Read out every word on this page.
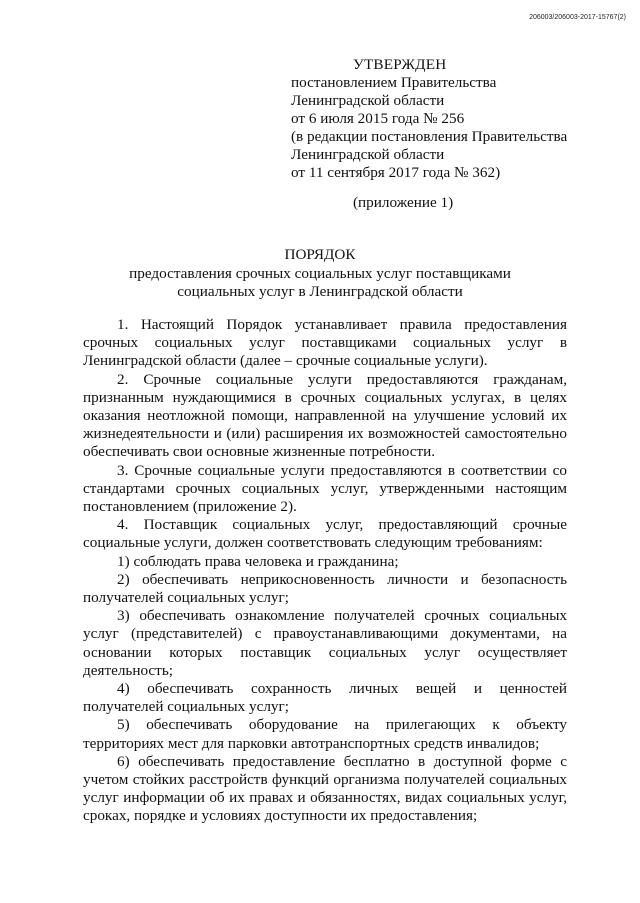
206003/206003-2017-15767(2)
УТВЕРЖДЕН
постановлением Правительства
Ленинградской области
от 6 июля 2015 года № 256
(в редакции постановления Правительства
Ленинградской области
от 11 сентября 2017 года № 362)
(приложение 1)
ПОРЯДОК
предоставления срочных социальных услуг поставщиками
социальных услуг в Ленинградской области

1. Настоящий Порядок устанавливает правила предоставления срочных социальных услуг поставщиками социальных услуг в Ленинградской области (далее – срочные социальные услуги).

2. Срочные социальные услуги предоставляются гражданам, признанным нуждающимися в срочных социальных услугах, в целях оказания неотложной помощи, направленной на улучшение условий их жизнедеятельности и (или) расширения их возможностей самостоятельно обеспечивать свои основные жизненные потребности.

3. Срочные социальные услуги предоставляются в соответствии со стандартами срочных социальных услуг, утвержденными настоящим постановлением (приложение 2).

4. Поставщик социальных услуг, предоставляющий срочные социальные услуги, должен соответствовать следующим требованиям:

1) соблюдать права человека и гражданина;

2) обеспечивать неприкосновенность личности и безопасность получателей социальных услуг;

3) обеспечивать ознакомление получателей срочных социальных услуг (представителей) с правоустанавливающими документами, на основании которых поставщик социальных услуг осуществляет деятельность;

4) обеспечивать сохранность личных вещей и ценностей получателей социальных услуг;

5) обеспечивать оборудование на прилегающих к объекту территориях мест для парковки автотранспортных средств инвалидов;

6) обеспечивать предоставление бесплатно в доступной форме с учетом стойких расстройств функций организма получателей социальных услуг информации об их правах и обязанностях, видах социальных услуг, сроках, порядке и условиях доступности их предоставления;
